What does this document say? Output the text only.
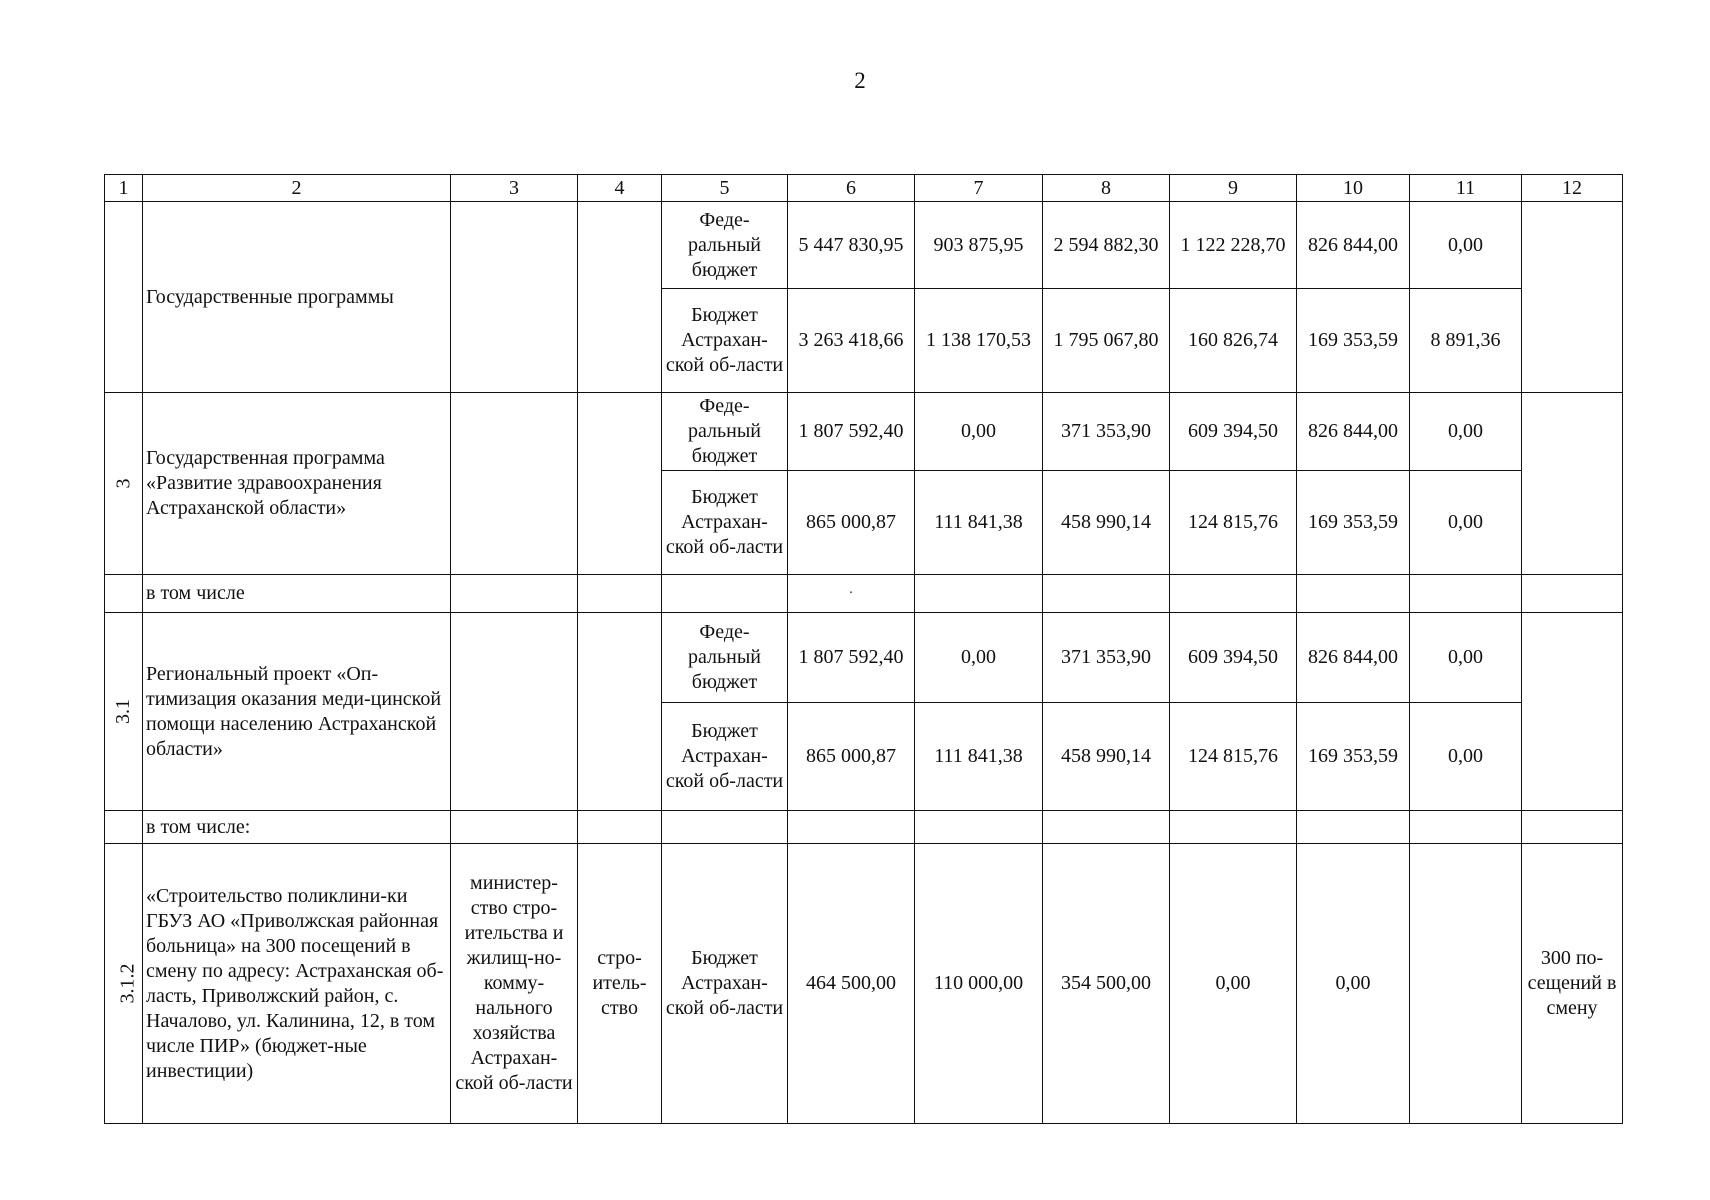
2
1	2	3	4	5	6	7	8	9	10	11	12
	Государственные программы			Феде-ральный бюджет	5 447 830,95	903 875,95	2 594 882,30	1 122 228,70	826 844,00	0,00	
				Бюджет Астрахан-ской об-ласти	3 263 418,66	1 138 170,53	1 795 067,80	160 826,74	169 353,59	8 891,36	
3	Государственная программа «Развитие здравоохранения Астраханской области»			Феде-ральный бюджет	1 807 592,40	0,00	371 353,90	609 394,50	826 844,00	0,00	
				Бюджет Астрахан-ской об-ласти	865 000,87	111 841,38	458 990,14	124 815,76	169 353,59	0,00	
	в том числе				·						
3.1	Региональный проект «Оп-тимизация оказания меди-цинской помощи населению Астраханской области»			Феде-ральный бюджет	1 807 592,40	0,00	371 353,90	609 394,50	826 844,00	0,00	
				Бюджет Астрахан-ской об-ласти	865 000,87	111 841,38	458 990,14	124 815,76	169 353,59	0,00	
	в том числе:										
3.1.2	«Строительство поликлини-ки ГБУЗ АО «Приволжская районная больница» на 300 посещений в смену по адресу: Астраханская об-ласть, Приволжский район, с. Началово, ул. Калинина, 12, в том числе ПИР» (бюджет-ные инвестиции)	министер-ство стро-ительства и жилищ-но-комму-нального хозяйства Астрахан-ской об-ласти	стро-итель-ство	Бюджет Астрахан-ской об-ласти	464 500,00	110 000,00	354 500,00	0,00	0,00		300 по-сещений в смену
